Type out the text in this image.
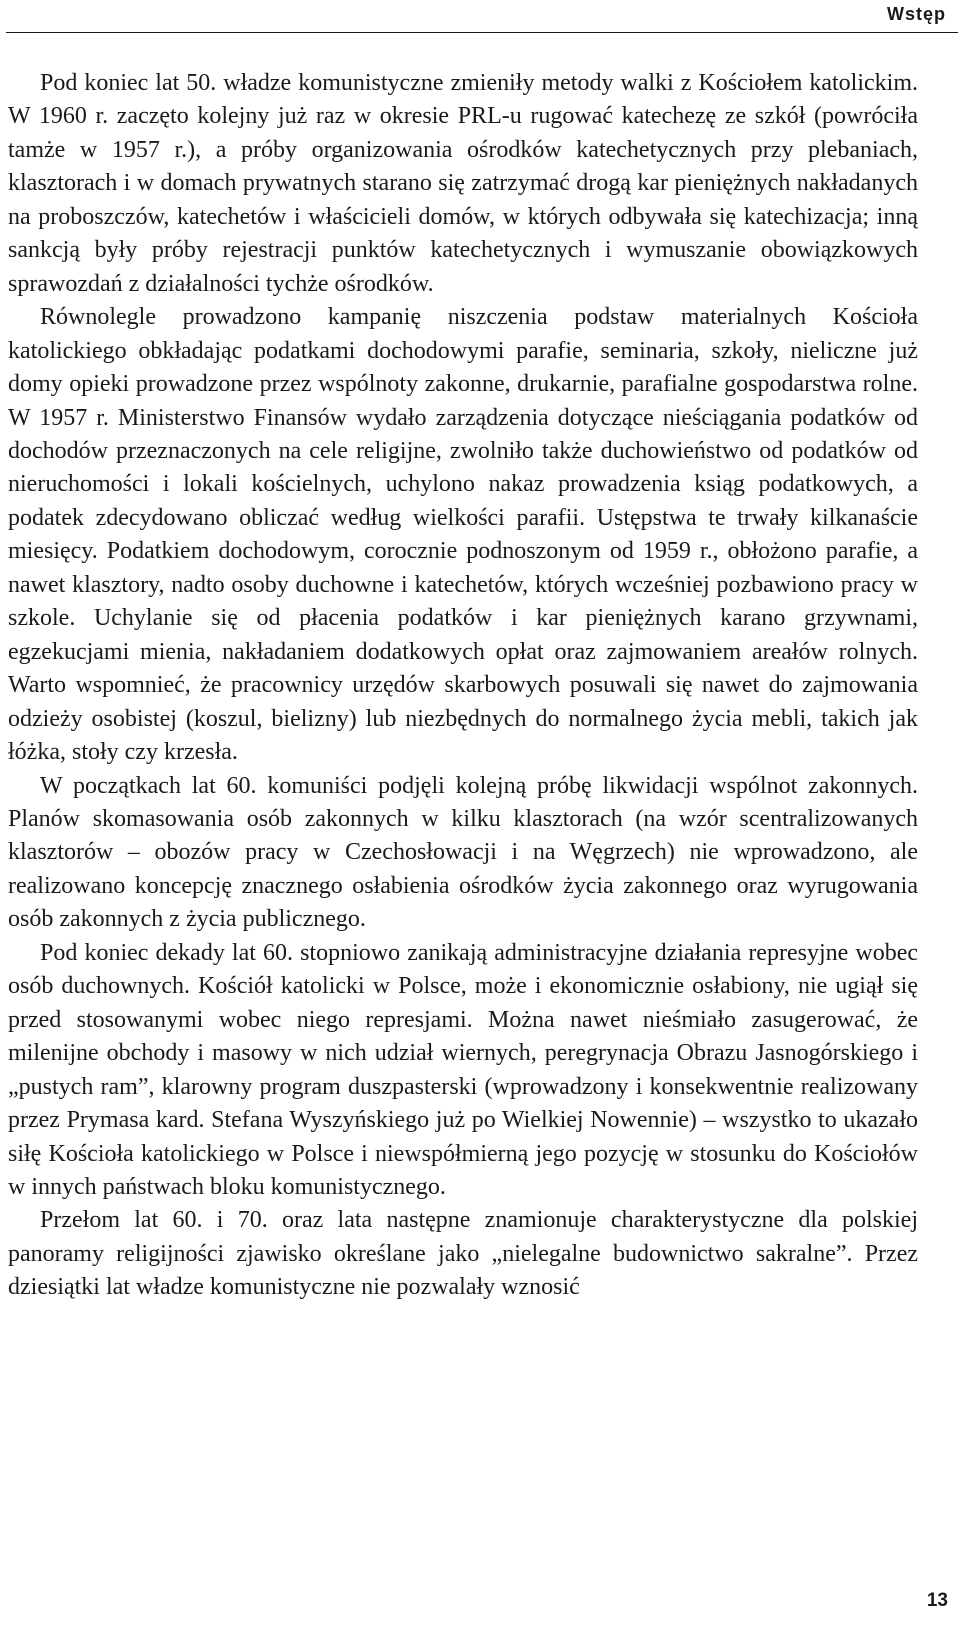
Wstęp

Pod koniec lat 50. władze komunistyczne zmieniły metody walki z Kościołem katolickim. W 1960 r. zaczęto kolejny już raz w okresie PRL-u rugować katechezę ze szkół (powróciła tamże w 1957 r.), a próby organizowania ośrodków katechetycznych przy plebaniach, klasztorach i w domach prywatnych starano się zatrzymać drogą kar pieniężnych nakładanych na proboszczów, katechetów i właścicieli domów, w których odbywała się katechizacja; inną sankcją były próby rejestracji punktów katechetycznych i wymuszanie obowiązkowych sprawozdań z działalności tychże ośrodków.

Równolegle prowadzono kampanię niszczenia podstaw materialnych Kościoła katolickiego obkładając podatkami dochodowymi parafie, seminaria, szkoły, nieliczne już domy opieki prowadzone przez wspólnoty zakonne, drukarnie, parafialne gospodarstwa rolne. W 1957 r. Ministerstwo Finansów wydało zarządzenia dotyczące nieściągania podatków od dochodów przeznaczonych na cele religijne, zwolniło także duchowieństwo od podatków od nieruchomości i lokali kościelnych, uchylono nakaz prowadzenia ksiąg podatkowych, a podatek zdecydowano obliczać według wielkości parafii. Ustępstwa te trwały kilkanaście miesięcy. Podatkiem dochodowym, corocznie podnoszonym od 1959 r., obłożono parafie, a nawet klasztory, nadto osoby duchowne i katechetów, których wcześniej pozbawiono pracy w szkole. Uchylanie się od płacenia podatków i kar pieniężnych karano grzywnami, egzekucjami mienia, nakładaniem dodatkowych opłat oraz zajmowaniem areałów rolnych. Warto wspomnieć, że pracownicy urzędów skarbowych posuwali się nawet do zajmowania odzieży osobistej (koszul, bielizny) lub niezbędnych do normalnego życia mebli, takich jak łóżka, stoły czy krzesła.

W początkach lat 60. komuniści podjęli kolejną próbę likwidacji wspólnot zakonnych. Planów skomasowania osób zakonnych w kilku klasztorach (na wzór scentralizowanych klasztorów – obozów pracy w Czechosłowacji i na Węgrzech) nie wprowadzono, ale realizowano koncepcję znacznego osłabienia ośrodków życia zakonnego oraz wyrugowania osób zakonnych z życia publicznego.

Pod koniec dekady lat 60. stopniowo zanikają administracyjne działania represyjne wobec osób duchownych. Kościół katolicki w Polsce, może i ekonomicznie osłabiony, nie ugiął się przed stosowanymi wobec niego represjami. Można nawet nieśmiało zasugerować, że milenijne obchody i masowy w nich udział wiernych, peregrynacja Obrazu Jasnogórskiego i „pustych ram”, klarowny program duszpasterski (wprowadzony i konsekwentnie realizowany przez Prymasa kard. Stefana Wyszyńskiego już po Wielkiej Nowennie) – wszystko to ukazało siłę Kościoła katolickiego w Polsce i niewspółmierną jego pozycję w stosunku do Kościołów w innych państwach bloku komunistycznego.

Przełom lat 60. i 70. oraz lata następne znamionuje charakterystyczne dla polskiej panoramy religijności zjawisko określane jako „nielegalne budownictwo sakralne”. Przez dziesiątki lat władze komunistyczne nie pozwalały wznosić

13
